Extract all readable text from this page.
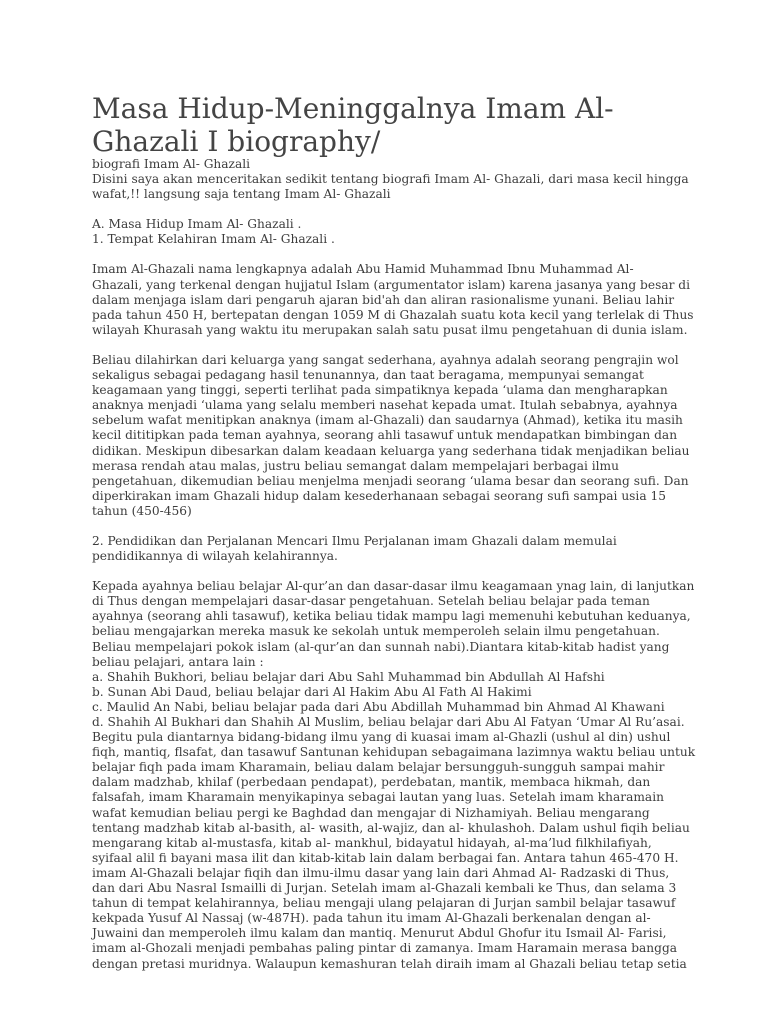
Masa Hidup-Meninggalnya Imam Al-
Ghazali I biography/
biografi Imam Al- Ghazali
Disini saya akan menceritakan sedikit tentang biografi Imam Al- Ghazali, dari masa kecil hingga
wafat,!! langsung saja tentang Imam Al- Ghazali
A. Masa Hidup Imam Al- Ghazali .
1. Tempat Kelahiran Imam Al- Ghazali .
Imam Al-Ghazali nama lengkapnya adalah Abu Hamid Muhammad Ibnu Muhammad Al-
Ghazali, yang terkenal dengan hujjatul Islam (argumentator islam) karena jasanya yang besar di
dalam menjaga islam dari pengaruh ajaran bid'ah dan aliran rasionalisme yunani. Beliau lahir
pada tahun 450 H, bertepatan dengan 1059 M di Ghazalah suatu kota kecil yang terlelak di Thus
wilayah Khurasah yang waktu itu merupakan salah satu pusat ilmu pengetahuan di dunia islam.
Beliau dilahirkan dari keluarga yang sangat sederhana, ayahnya adalah seorang pengrajin wol
sekaligus sebagai pedagang hasil tenunannya, dan taat beragama, mempunyai semangat
keagamaan yang tinggi, seperti terlihat pada simpatiknya kepada ‘ulama dan mengharapkan
anaknya menjadi ‘ulama yang selalu memberi nasehat kepada umat. Itulah sebabnya, ayahnya
sebelum wafat menitipkan anaknya (imam al-Ghazali) dan saudarnya (Ahmad), ketika itu masih
kecil dititipkan pada teman ayahnya, seorang ahli tasawuf untuk mendapatkan bimbingan dan
didikan. Meskipun dibesarkan dalam keadaan keluarga yang sederhana tidak menjadikan beliau
merasa rendah atau malas, justru beliau semangat dalam mempelajari berbagai ilmu
pengetahuan, dikemudian beliau menjelma menjadi seorang ‘ulama besar dan seorang sufi. Dan
diperkirakan imam Ghazali hidup dalam kesederhanaan sebagai seorang sufi sampai usia 15
tahun (450-456)
2. Pendidikan dan Perjalanan Mencari Ilmu Perjalanan imam Ghazali dalam memulai
pendidikannya di wilayah kelahirannya.
Kepada ayahnya beliau belajar Al-qur’an dan dasar-dasar ilmu keagamaan ynag lain, di lanjutkan
di Thus dengan mempelajari dasar-dasar pengetahuan. Setelah beliau belajar pada teman
ayahnya (seorang ahli tasawuf), ketika beliau tidak mampu lagi memenuhi kebutuhan keduanya,
beliau mengajarkan mereka masuk ke sekolah untuk memperoleh selain ilmu pengetahuan.
Beliau mempelajari pokok islam (al-qur’an dan sunnah nabi).Diantara kitab-kitab hadist yang
beliau pelajari, antara lain :
a. Shahih Bukhori, beliau belajar dari Abu Sahl Muhammad bin Abdullah Al Hafshi
b. Sunan Abi Daud, beliau belajar dari Al Hakim Abu Al Fath Al Hakimi
c. Maulid An Nabi, beliau belajar pada dari Abu Abdillah Muhammad bin Ahmad Al Khawani
d. Shahih Al Bukhari dan Shahih Al Muslim, beliau belajar dari Abu Al Fatyan ‘Umar Al Ru’asai.
Begitu pula diantarnya bidang-bidang ilmu yang di kuasai imam al-Ghazli (ushul al din) ushul
fiqh, mantiq, flsafat, dan tasawuf Santunan kehidupan sebagaimana lazimnya waktu beliau untuk
belajar fiqh pada imam Kharamain, beliau dalam belajar bersungguh-sungguh sampai mahir
dalam madzhab, khilaf (perbedaan pendapat), perdebatan, mantik, membaca hikmah, dan
falsafah, imam Kharamain menyikapinya sebagai lautan yang luas. Setelah imam kharamain
wafat kemudian beliau pergi ke Baghdad dan mengajar di Nizhamiyah. Beliau mengarang
tentang madzhab kitab al-basith, al- wasith, al-wajiz, dan al- khulashoh. Dalam ushul fiqih beliau
mengarang kitab al-mustasfa, kitab al- mankhul, bidayatul hidayah, al-ma’lud filkhilafiyah,
syifaal alil fi bayani masa ilit dan kitab-kitab lain dalam berbagai fan. Antara tahun 465-470 H.
imam Al-Ghazali belajar fiqih dan ilmu-ilmu dasar yang lain dari Ahmad Al- Radzaski di Thus,
dan dari Abu Nasral Ismailli di Jurjan. Setelah imam al-Ghazali kembali ke Thus, dan selama 3
tahun di tempat kelahirannya, beliau mengaji ulang pelajaran di Jurjan sambil belajar tasawuf
kekpada Yusuf Al Nassaj (w-487H). pada tahun itu imam Al-Ghazali berkenalan dengan al-
Juwaini dan memperoleh ilmu kalam dan mantiq. Menurut Abdul Ghofur itu Ismail Al- Farisi,
imam al-Ghozali menjadi pembahas paling pintar di zamanya. Imam Haramain merasa bangga
dengan pretasi muridnya. Walaupun kemashuran telah diraih imam al Ghazali beliau tetap setia
